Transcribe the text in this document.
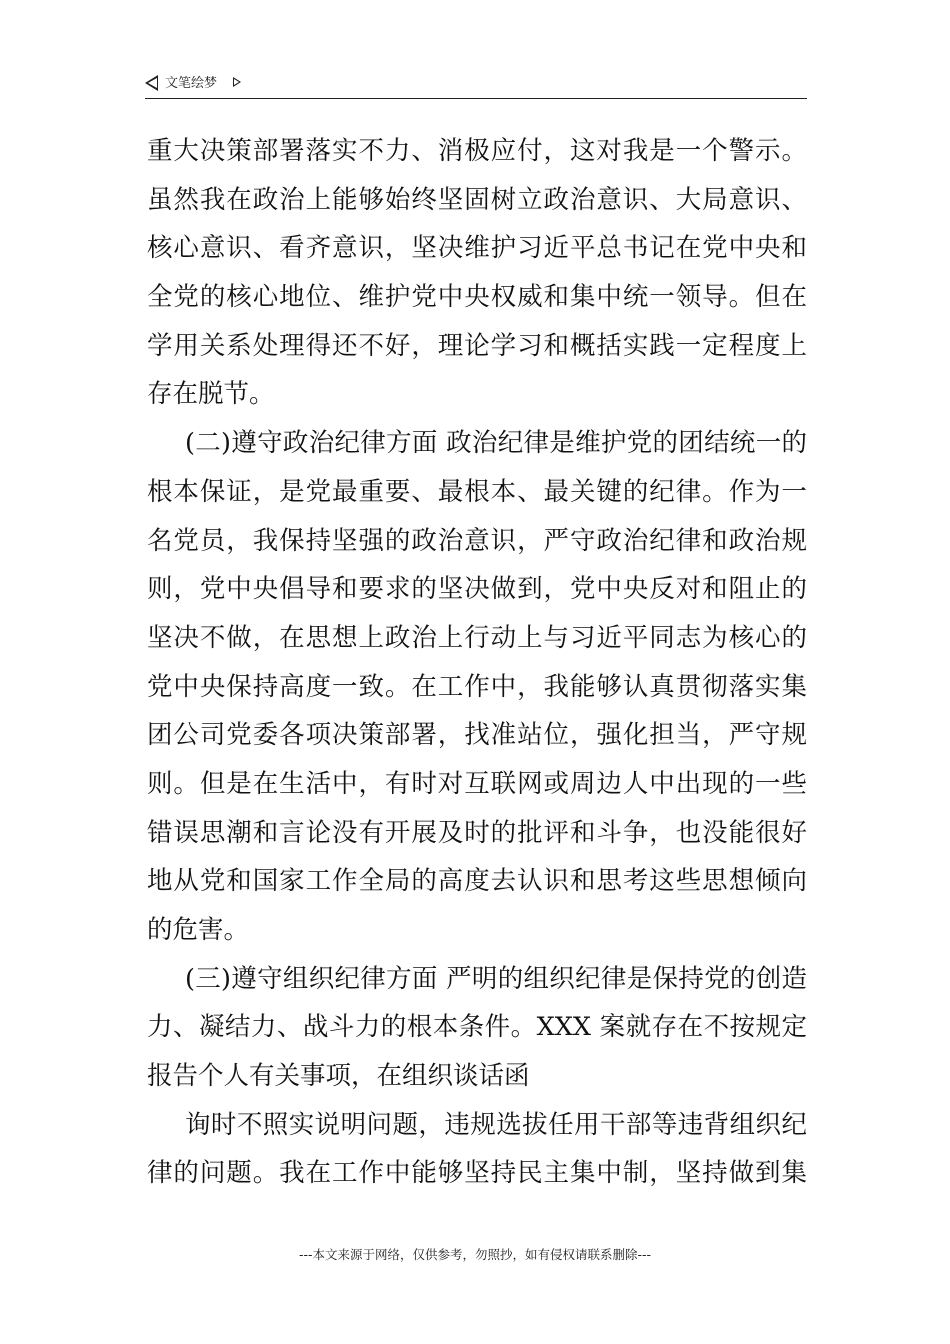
文笔绘梦
重大决策部署落实不力、消极应付，这对我是一个警示。
虽然我在政治上能够始终坚固树立政治意识、大局意识、
核心意识、看齐意识，坚决维护习近平总书记在党中央和
全党的核心地位、维护党中央权威和集中统一领导。但在
学用关系处理得还不好，理论学习和概括实践一定程度上
存在脱节。
(二)遵守政治纪律方面 政治纪律是维护党的团结统一的
根本保证，是党最重要、最根本、最关键的纪律。作为一
名党员，我保持坚强的政治意识，严守政治纪律和政治规
则，党中央倡导和要求的坚决做到，党中央反对和阻止的
坚决不做，在思想上政治上行动上与习近平同志为核心的
党中央保持高度一致。在工作中，我能够认真贯彻落实集
团公司党委各项决策部署，找准站位，强化担当，严守规
则。但是在生活中，有时对互联网或周边人中出现的一些
错误思潮和言论没有开展及时的批评和斗争，也没能很好
地从党和国家工作全局的高度去认识和思考这些思想倾向
的危害。
(三)遵守组织纪律方面 严明的组织纪律是保持党的创造
力、凝结力、战斗力的根本条件。XXX 案就存在不按规定
报告个人有关事项，在组织谈话函
询时不照实说明问题，违规选拔任用干部等违背组织纪
律的问题。我在工作中能够坚持民主集中制，坚持做到集
---本文来源于网络，仅供参考，勿照抄，如有侵权请联系删除---
